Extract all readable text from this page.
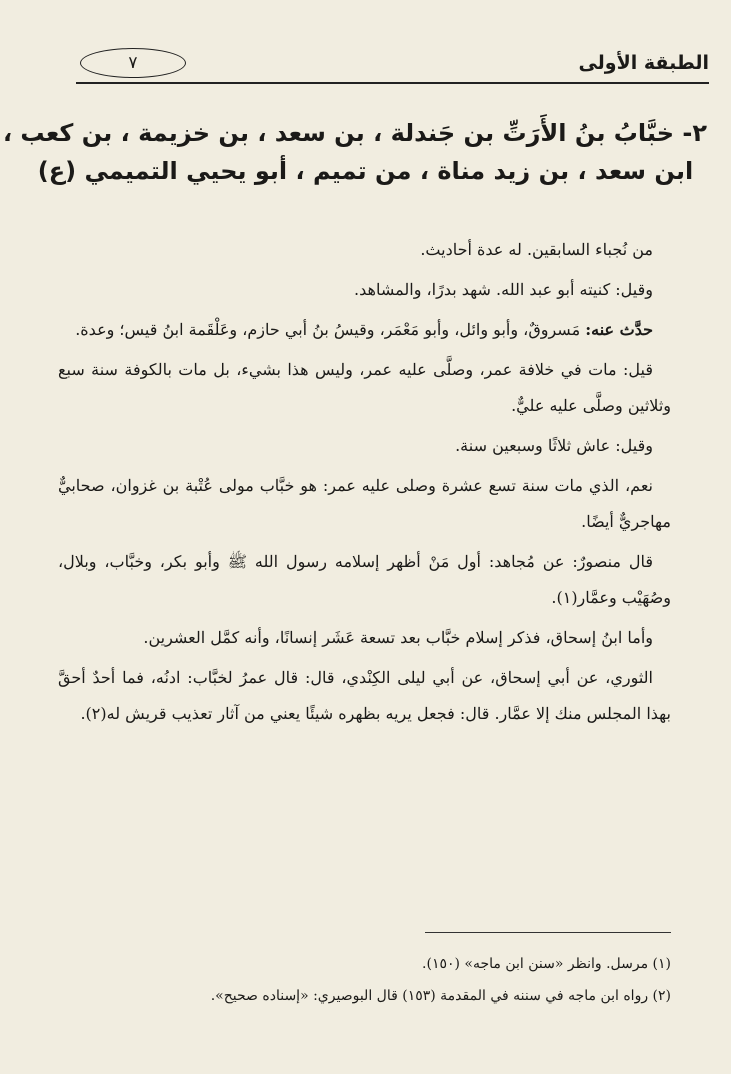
الطبقة الأولى
٧
٢- خبَّابُ بنُ الأَرَتِّ بن جَندلة ، بن سعد ، بن خزيمة ، بن كعب ،
ابن سعد ، بن زيد مناة ، من تميم ، أبو يحيي التميمي (ع)

من نُجباء السابقين. له عدة أحاديث.

وقيل: كنيته أبو عبد الله. شهد بدرًا، والمشاهد.

حدَّث عنه: مَسروقٌ، وأبو وائل، وأبو مَعْمَر، وقيسُ بنُ أبي حازم، وعَلْقَمة ابنُ قيس؛ وعدة.

قيل: مات في خلافة عمر، وصلَّى عليه عمر، وليس هذا بشيء، بل مات بالكوفة سنة سبع وثلاثين وصلَّى عليه عليٌّ.

وقيل: عاش ثلاثًا وسبعين سنة.

نعم، الذي مات سنة تسع عشرة وصلى عليه عمر: هو خبَّاب مولى عُتْبة بن غزوان، صحابيٌّ مهاجريٌّ أيضًا.

قال منصورٌ: عن مُجاهد: أول مَنْ أظهر إسلامه رسول الله ﷺ وأبو بكر، وخبَّاب، وبلال، وصُهَيْب وعمَّار(١).

وأما ابنُ إسحاق، فذكر إسلام خبَّاب بعد تسعة عَشَر إنسانًا، وأنه كمَّل العشرين.

الثوري، عن أبي إسحاق، عن أبي ليلى الكِنْدي، قال: قال عمرُ لخبَّاب: ادنُه، فما أحدٌ أحقَّ بهذا المجلس منك إلا عمَّار. قال: فجعل يريه بظهره شيئًا يعني من آثار تعذيب قريش له(٢).

(١) مرسل. وانظر «سنن ابن ماجه» (١٥٠).
(٢) رواه ابن ماجه في سننه في المقدمة (١٥٣) قال البوصيري: «إسناده صحيح».
